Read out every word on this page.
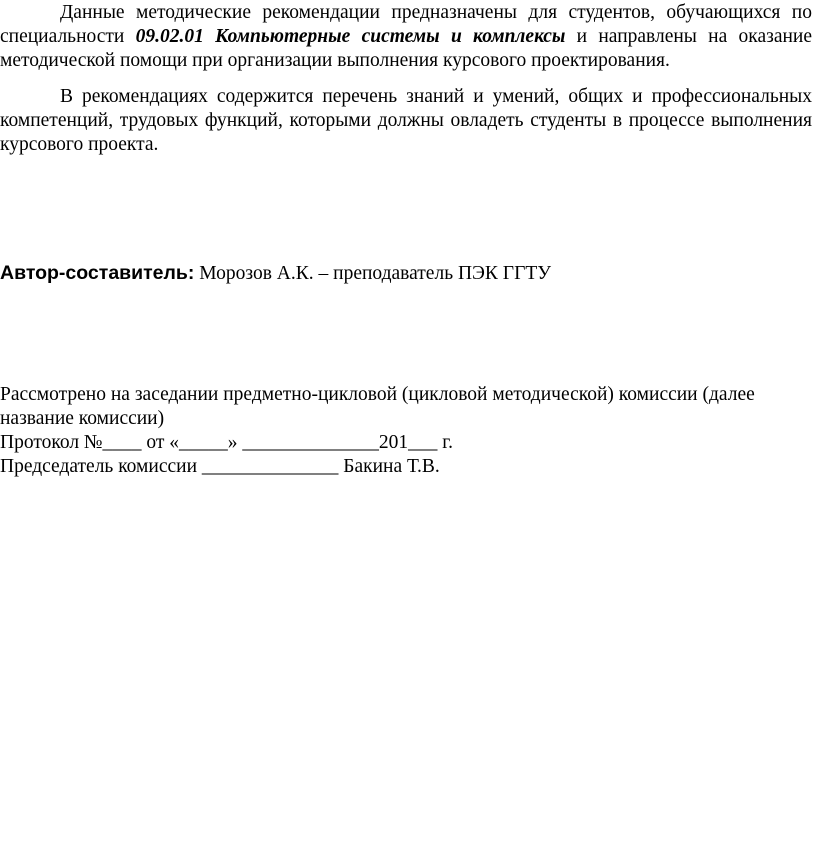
Данные методические рекомендации предназначены для студентов, обучающихся по специальности 09.02.01 Компьютерные системы и комплексы и направлены на оказание методической помощи при организации выполнения курсового проектирования.

В рекомендациях содержится перечень знаний и умений, общих и профессиональных компетенций, трудовых функций, которыми должны овладеть студенты в процессе выполнения курсового проекта.

Автор-составитель: Морозов А.К. – преподаватель ПЭК ГГТУ

Рассмотрено на заседании предметно-цикловой (цикловой методической) комиссии (далее название комиссии)

Протокол №____ от «_____» ______________201___ г.

Председатель комиссии ______________ Бакина Т.В.
